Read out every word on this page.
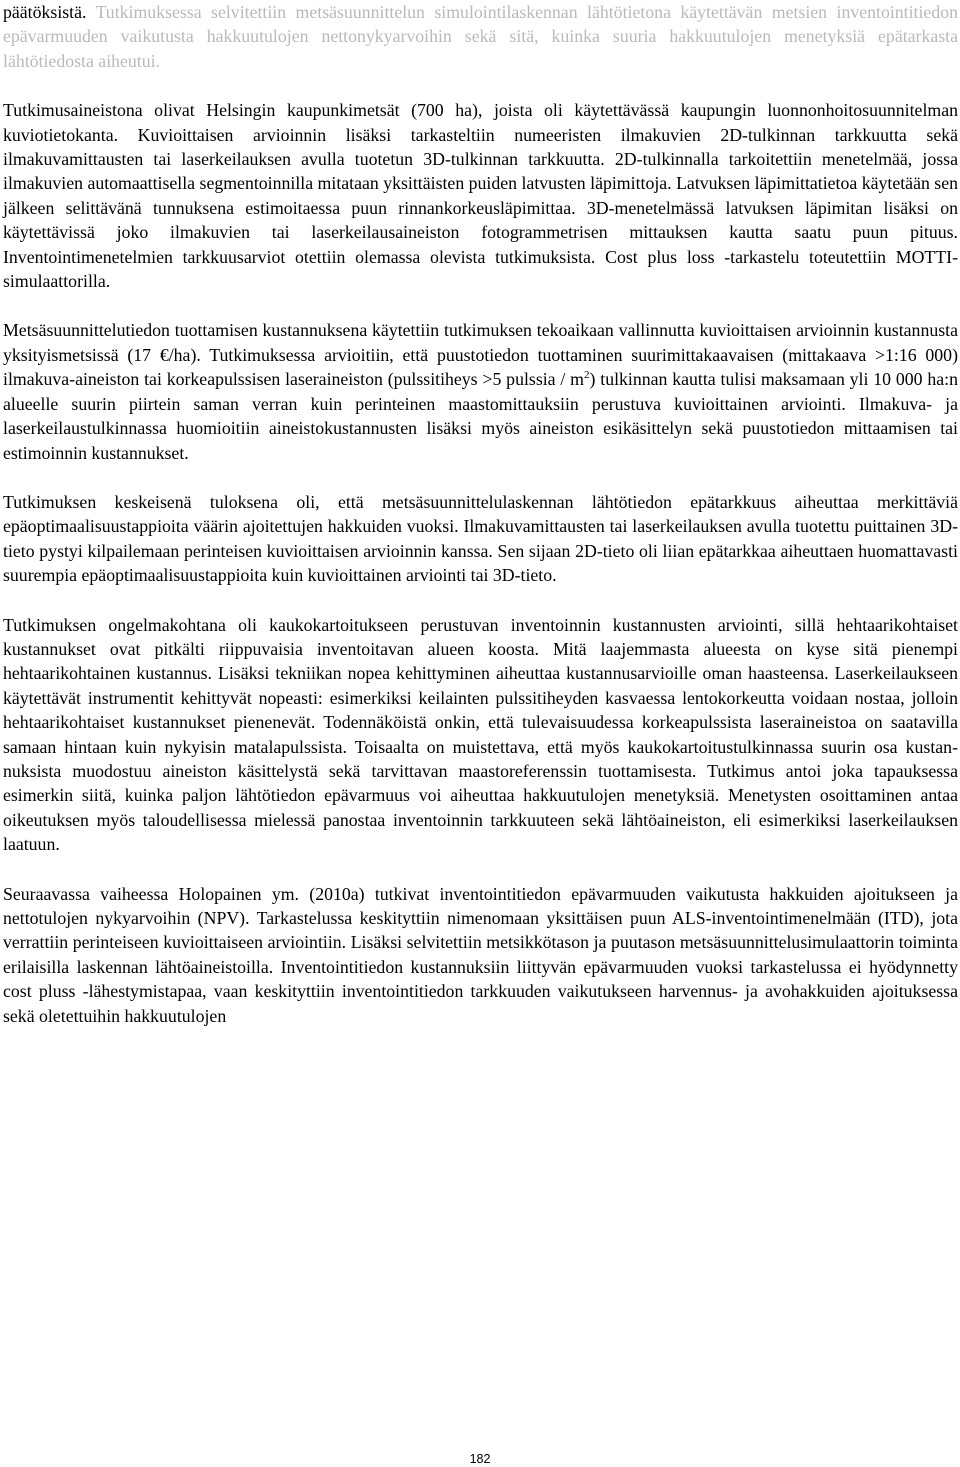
päätöksistä. Tutkimuksessa selvitettiin metsäsuunnittelun simulointilaskennan lähtötietona käytettävän metsien inventointitiedon epävarmuuden vaikutusta hakkuutulojen nettonykyarvoihin sekä sitä, kuinka suuria hakkuutulojen menetyksiä epätarkasta lähtötiedosta aiheutui.

Tutkimusaineistona olivat Helsingin kaupunkimetsät (700 ha), joista oli käytettävässä kaupungin luonnonhoitosuunnitelman kuviotietokanta. Kuvioittaisen arvioinnin lisäksi tarkasteltiin numeeristen ilmakuvien 2D-tulkinnan tarkkuutta sekä ilmakuvamittausten tai laserkeilauksen avulla tuotetun 3D-tulkinnan tarkkuutta. 2D-tulkinnalla tarkoitettiin menetelmää, jossa ilmakuvien automaattisella segmentoinnilla mitataan yksittäisten puiden latvusten läpimittoja. Latvuksen läpimittatietoa käytetään sen jälkeen selittävänä tunnuksena estimoitaessa puun rinnankorkeusläpimittaa. 3D-menetelmässä latvuksen läpimitan lisäksi on käytettävissä joko ilmakuvien tai laserkeilausaineiston fotogrammetrisen mittauksen kautta saatu puun pituus. Inventointimenetelmien tarkkuusarviot otettiin olemassa olevista tutkimuksista. Cost plus loss -tarkastelu toteutettiin MOTTI-simulaattorilla.

Metsäsuunnittelutiedon tuottamisen kustannuksena käytettiin tutkimuksen tekoaikaan vallinnutta kuvioittaisen arvioinnin kustannusta yksityismetsissä (17 €/ha). Tutkimuksessa arvioitiin, että puustotiedon tuottaminen suurimittakaavaisen (mittakaava >1:16 000) ilmakuva-aineiston tai korkeapulssisen laseraineiston (pulssitiheys >5 pulssia / $m^2$) tulkinnan kautta tulisi maksamaan yli 10 000 ha:n alueelle suurin piirtein saman verran kuin perinteinen maastomittauksiin perustuva kuvioittainen arviointi. Ilmakuva- ja laserkeilaustulkinnassa huomioitiin aineistokustannusten lisäksi myös aineiston esikäsittelyn sekä puustotiedon mittaamisen tai estimoinnin kustannukset.

Tutkimuksen keskeisenä tuloksena oli, että metsäsuunnittelulaskennan lähtötiedon epätarkkuus aiheuttaa merkittäviä epäoptimaalisuustappioita väärin ajoitettujen hakkuiden vuoksi. Ilmakuvamittausten tai laserkeilauksen avulla tuotettu puittainen 3D-tieto pystyi kilpailemaan perinteisen kuvioittaisen arvioinnin kanssa. Sen sijaan 2D-tieto oli liian epätarkkaa aiheuttaen huomattavasti suurempia epäoptimaalisuustappioita kuin kuvioittainen arviointi tai 3D-tieto.

Tutkimuksen ongelmakohtana oli kaukokartoitukseen perustuvan inventoinnin kustannusten arviointi, sillä hehtaarikohtaiset kustannukset ovat pitkälti riippuvaisia inventoitavan alueen koosta. Mitä laajemmasta alueesta on kyse sitä pienempi hehtaarikohtainen kustannus. Lisäksi tekniikan nopea kehittyminen aiheuttaa kustannusarvioille oman haasteensa. Laserkeilaukseen käytettävät instrumentit kehittyvät nopeasti: esimerkiksi keilainten pulssitiheyden kasvaessa lentokorkeutta voidaan nostaa, jolloin hehtaarikohtaiset kustannukset pienenevät. Todennäköistä onkin, että tulevaisuudessa korkeapulssista laseraineistoa on saatavilla samaan hintaan kuin nykyisin matalapulssista. Toisaalta on muistettava, että myös kaukokartoitustulkinnassa suurin osa kustannuksista muodostuu aineiston käsittelystä sekä tarvittavan maastoreferenssin tuottamisesta. Tutkimus antoi joka tapauksessa esimerkin siitä, kuinka paljon lähtötiedon epävarmuus voi aiheuttaa hakkuutulojen menetyksiä. Menetysten osoittaminen antaa oikeutuksen myös taloudellisessa mielessä panostaa inventoinnin tarkkuuteen sekä lähtöaineiston, eli esimerkiksi laserkeilauksen laatuun.

Seuraavassa vaiheessa Holopainen ym. (2010a) tutkivat inventointitiedon epävarmuuden vaikutusta hakkuiden ajoitukseen ja nettotulojen nykyarvoihin (NPV). Tarkastelussa keskityttiin nimenomaan yksittäisen puun ALS-inventointimenelmään (ITD), jota verrattiin perinteiseen kuvioittaiseen arviointiin. Lisäksi selvitettiin metsikkötason ja puutason metsäsuunnittelusimulaattorin toiminta erilaisilla laskennan lähtöaineistoilla. Inventointitiedon kustannuksiin liittyvän epävarmuuden vuoksi tarkastelussa ei hyödynnetty cost pluss -lähestymistapaa, vaan keskityttiin inventointitiedon tarkkuuden vaikutukseen harvennus- ja avohakkuiden ajoituksessa sekä oletettuihin hakkuutulojen

182
